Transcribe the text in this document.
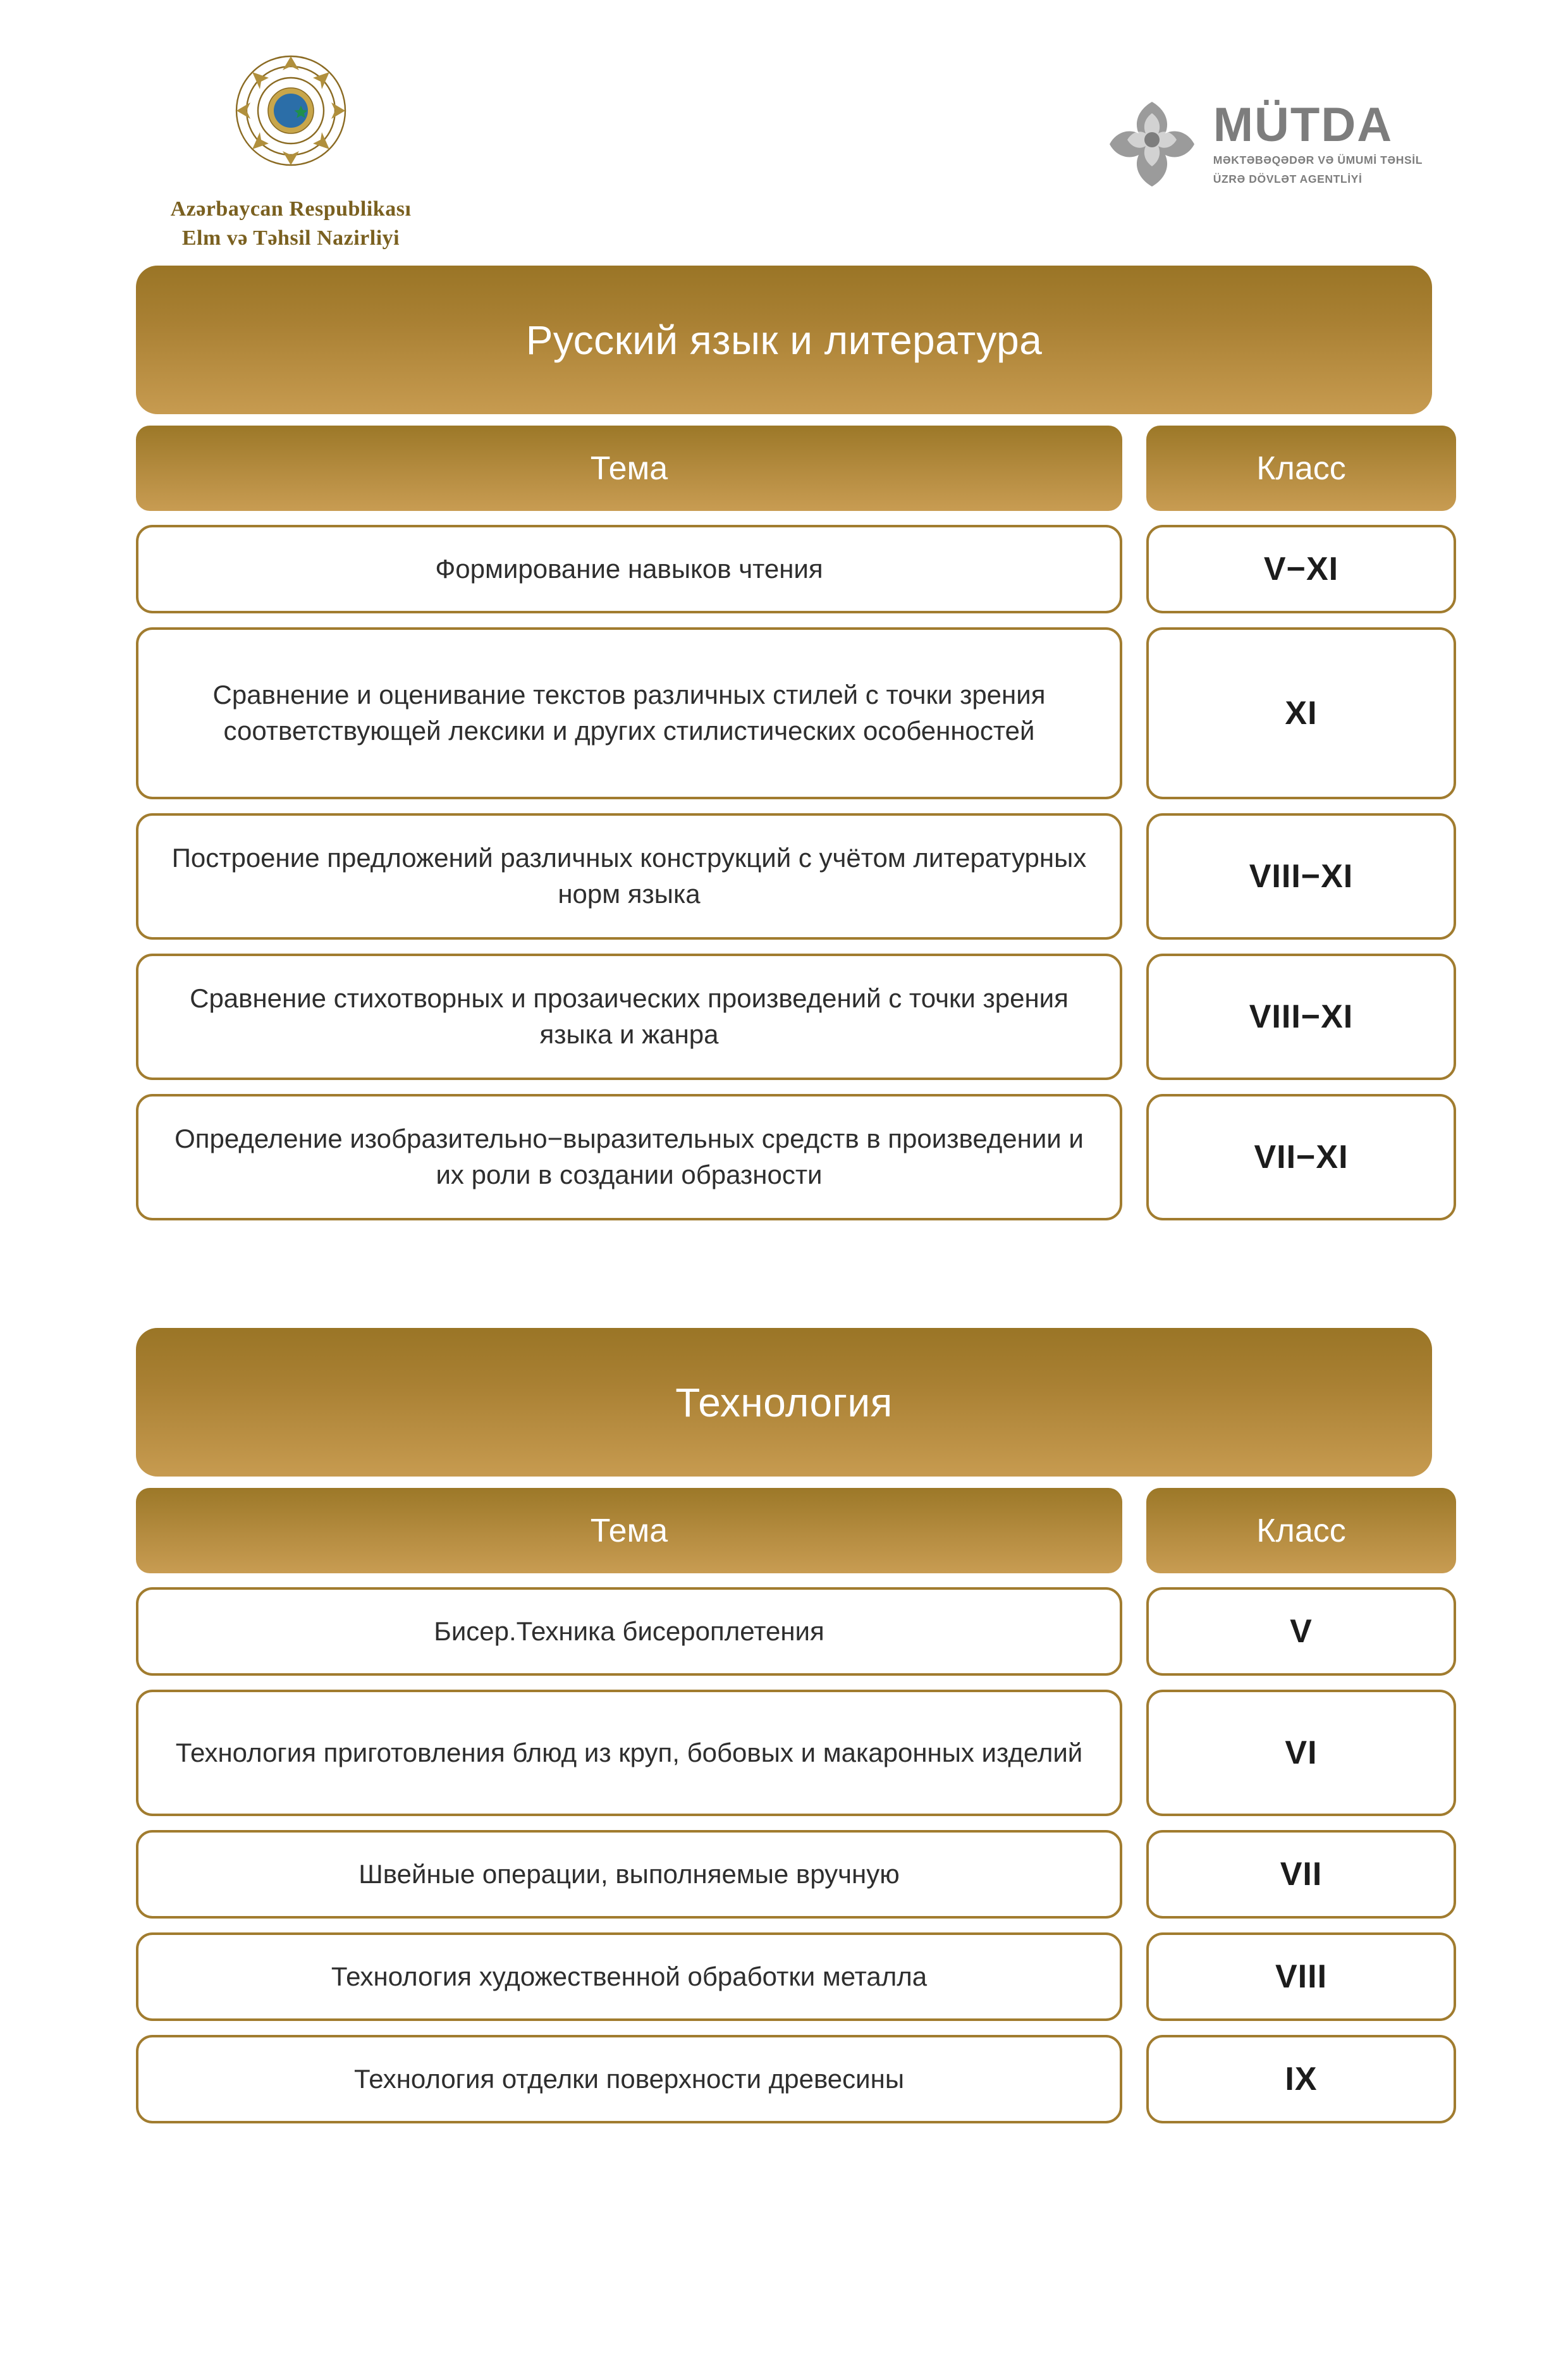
Azərbaycan Respublikası
Elm və Təhsil Nazirliyi
MÜTDA
MƏKTƏBƏQƏDƏR VƏ ÜMUMİ TƏHSİL
ÜZRƏ DÖVLƏT AGENTLİYİ
Русский язык и литература
Тема	Класс
Формирование навыков чтения	V−XI
Сравнение и оценивание текстов различных стилей с точки зрения соответствующей лексики и других стилистических особенностей	XI
Построение предложений различных конструкций с учётом литературных норм языка	VIII−XI
Сравнение стихотворных и прозаических произведений с точки зрения языка и жанра	VIII−XI
Определение изобразительно−выразительных средств в произведении и их роли в создании образности	VII−XI
Технология
Тема	Класс
Бисер.Техника бисероплетения	V
Технология приготовления блюд из круп, бобовых и макаронных изделий	VI
Швейные операции, выполняемые вручную	VII
Технология художественной обработки металла	VIII
Технология отделки поверхности древесины	IX
